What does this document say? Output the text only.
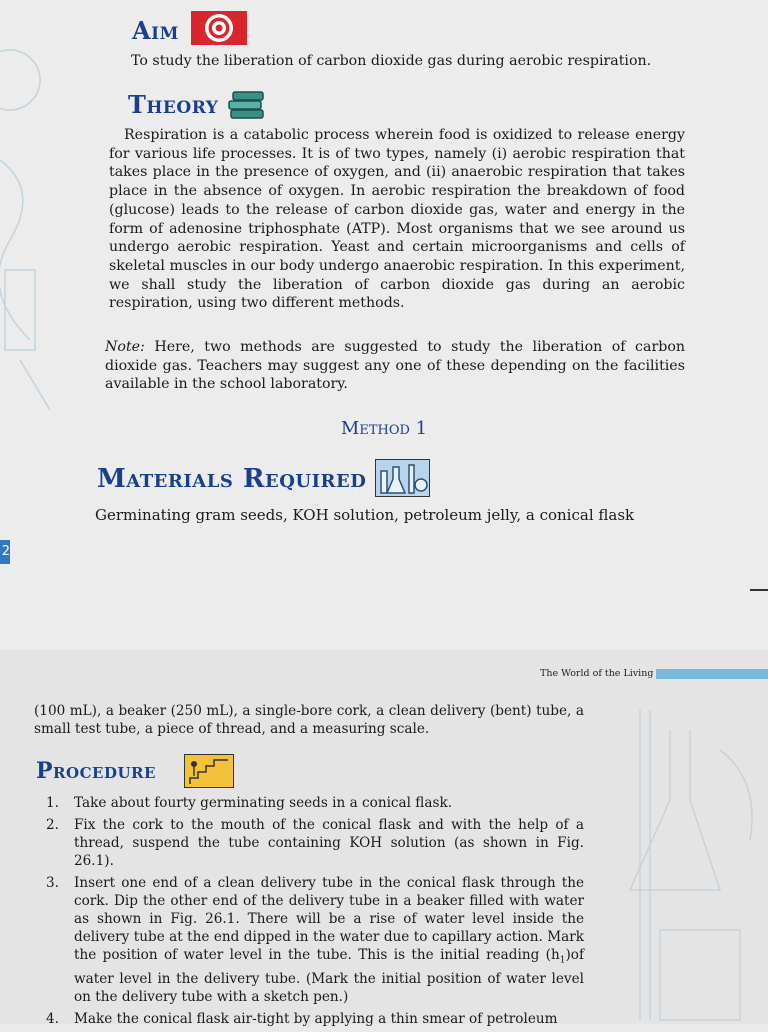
Aim
To study the liberation of carbon dioxide gas during aerobic respiration.
Theory
Respiration is a catabolic process wherein food is oxidized to release energy for various life processes. It is of two types, namely (i) aerobic respiration that takes place in the presence of oxygen, and (ii) anaerobic respiration that takes place in the absence of oxygen. In aerobic respiration the breakdown of food (glucose) leads to the release of carbon dioxide gas, water and energy in the form of adenosine triphosphate (ATP). Most organisms that we see around us undergo aerobic respiration. Yeast and certain microorganisms and cells of skeletal muscles in our body undergo anaerobic respiration. In this experiment, we shall study the liberation of carbon dioxide gas during an aerobic respiration, using two different methods.
Note: Here, two methods are suggested to study the liberation of carbon dioxide gas. Teachers may suggest any one of these depending on the facilities available in the school laboratory.
Method 1
Materials Required
Germinating gram seeds, KOH solution, petroleum jelly, a conical flask
2
The World of the Living
(100 mL), a beaker (250 mL), a single-bore cork, a clean delivery (bent) tube, a small test tube, a piece of thread, and a measuring scale.
Procedure
1. Take about fourty germinating seeds in a conical flask.
2. Fix the cork to the mouth of the conical flask and with the help of a thread, suspend the tube containing KOH solution (as shown in Fig. 26.1).
3. Insert one end of a clean delivery tube in the conical flask through the cork. Dip the other end of the delivery tube in a beaker filled with water as shown in Fig. 26.1. There will be a rise of water level inside the delivery tube at the end dipped in the water due to capillary action. Mark the position of water level in the tube. This is the initial reading $(h_1)of$ water level in the delivery tube. (Mark the initial position of water level on the delivery tube with a sketch pen.)
4. Make the conical flask air-tight by applying a thin smear of petroleum
